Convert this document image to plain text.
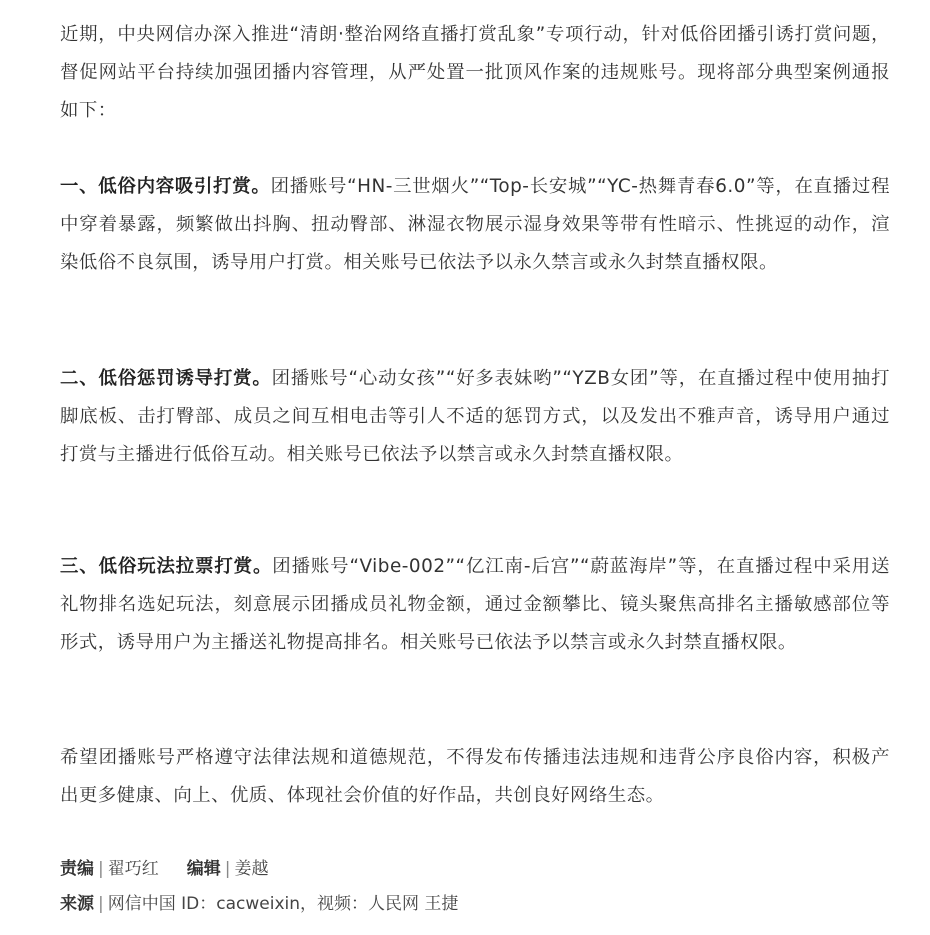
近期，中央网信办深入推进“清朗·整治网络直播打赏乱象”专项行动，针对低俗团播引诱打赏问题，督促网站平台持续加强团播内容管理，从严处置一批顶风作案的违规账号。现将部分典型案例通报如下：

一、低俗内容吸引打赏。团播账号“HN-三世烟火”“Top-长安城”“YC-热舞青春6.0”等，在直播过程中穿着暴露，频繁做出抖胸、扭动臀部、淋湿衣物展示湿身效果等带有性暗示、性挑逗的动作，渲染低俗不良氛围，诱导用户打赏。相关账号已依法予以永久禁言或永久封禁直播权限。

二、低俗惩罚诱导打赏。团播账号“心动女孩”“好多表妹哟”“YZB女团”等，在直播过程中使用抽打脚底板、击打臀部、成员之间互相电击等引人不适的惩罚方式，以及发出不雅声音，诱导用户通过打赏与主播进行低俗互动。相关账号已依法予以禁言或永久封禁直播权限。

三、低俗玩法拉票打赏。团播账号“Vibe-002”“亿江南-后宫”“蔚蓝海岸”等，在直播过程中采用送礼物排名选妃玩法，刻意展示团播成员礼物金额，通过金额攀比、镜头聚焦高排名主播敏感部位等形式，诱导用户为主播送礼物提高排名。相关账号已依法予以禁言或永久封禁直播权限。

希望团播账号严格遵守法律法规和道德规范，不得发布传播违法违规和违背公序良俗内容，积极产出更多健康、向上、优质、体现社会价值的好作品，共创良好网络生态。

责编 | 翟巧红 编辑 | 姜越
来源 | 网信中国 ID：cacweixin，视频：人民网 王捷
